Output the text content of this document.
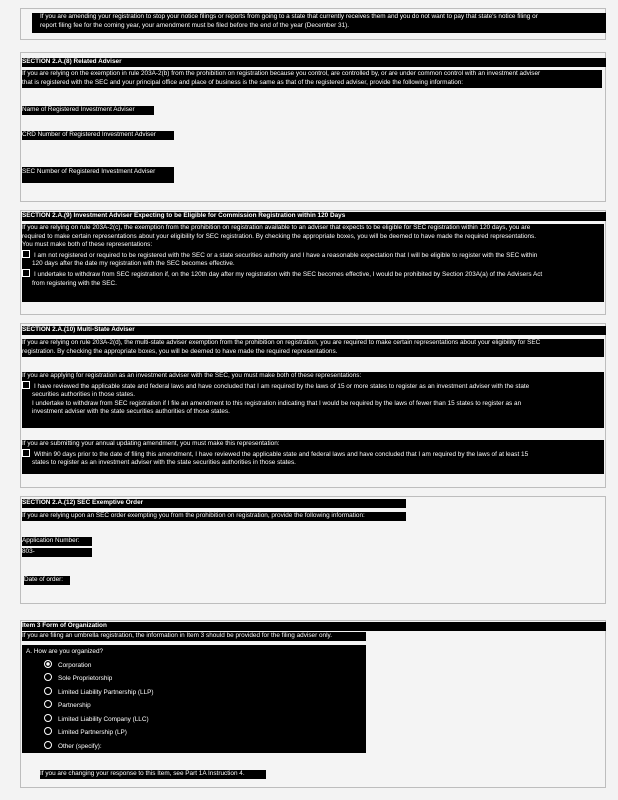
If you are amending your registration to stop your notice filings or reports from going to a state that currently receives them and you do not want to pay that state's notice filing or

report filing fee for the coming year, your amendment must be filed before the end of the year (December 31).

SECTION 2.A.(8) Related Adviser

If you are relying on the exemption in rule 203A-2(b) from the prohibition on registration because you control, are controlled by, or are under common control with an investment adviser

that is registered with the SEC and your principal office and place of business is the same as that of the registered adviser, provide the following information:

Name of Registered Investment Adviser
CRD Number of Registered Investment Adviser
SEC Number of Registered Investment Adviser
SECTION 2.A.(9) Investment Adviser Expecting to be Eligible for Commission Registration within 120 Days

If you are relying on rule 203A-2(c), the exemption from the prohibition on registration available to an adviser that expects to be eligible for SEC registration within 120 days, you are

required to make certain representations about your eligibility for SEC registration. By checking the appropriate boxes, you will be deemed to have made the required representations.

You must make both of these representations:

I am not registered or required to be registered with the SEC or a state securities authority and I have a reasonable expectation that I will be eligible to register with the SEC within

120 days after the date my registration with the SEC becomes effective.

I undertake to withdraw from SEC registration if, on the 120th day after my registration with the SEC becomes effective, I would be prohibited by Section 203A(a) of the Advisers Act

from registering with the SEC.

SECTION 2.A.(10) Multi-State Adviser

If you are relying on rule 203A-2(d), the multi-state adviser exemption from the prohibition on registration, you are required to make certain representations about your eligibility for SEC

registration. By checking the appropriate boxes, you will be deemed to have made the required representations.

If you are applying for registration as an investment adviser with the SEC, you must make both of these representations:

I have reviewed the applicable state and federal laws and have concluded that I am required by the laws of 15 or more states to register as an investment adviser with the state

securities authorities in those states.

I undertake to withdraw from SEC registration if I file an amendment to this registration indicating that I would be required by the laws of fewer than 15 states to register as an

investment adviser with the state securities authorities of those states.

If you are submitting your annual updating amendment, you must make this representation:

Within 90 days prior to the date of filing this amendment, I have reviewed the applicable state and federal laws and have concluded that I am required by the laws of at least 15

states to register as an investment adviser with the state securities authorities in those states.

SECTION 2.A.(12) SEC Exemptive Order
If you are relying upon an SEC order exempting you from the prohibition on registration, provide the following information:
Application Number:
803-
Date of order:
Item 3 Form of Organization
If you are filing an umbrella registration, the information in Item 3 should be provided for the filing adviser only.

A. How are you organized?

Corporation
Sole Proprietorship
Limited Liability Partnership (LLP)
Partnership
Limited Liability Company (LLC)
Limited Partnership (LP)
Other (specify):
If you are changing your response to this Item, see Part 1A Instruction 4.
